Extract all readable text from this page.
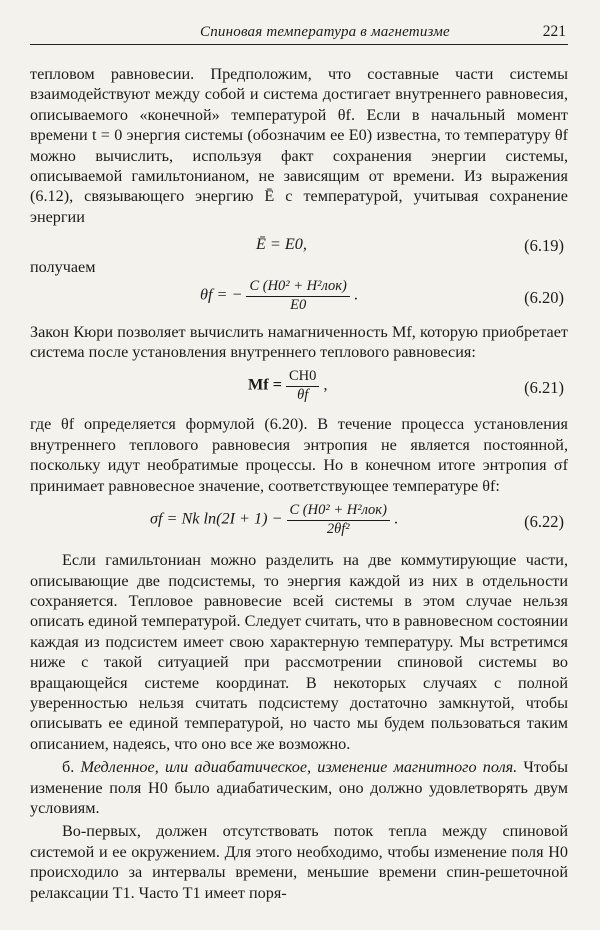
Спиновая температура в магнетизме	221

тепловом равновесии. Предположим, что составные части системы взаимодействуют между собой и система достигает внутреннего равновесия, описываемого «конечной» температурой θf. Если в начальный момент времени t = 0 энергия системы (обозначим ее E0) известна, то температуру θf можно вычислить, используя факт сохранения энергии системы, описываемой гамильтонианом, не зависящим от времени. Из выражения (6.12), связывающего энергию Ē с температурой, учитывая сохранение энергии

Ē = E0,	(6.19)

получаем

θf = − $\frac{\text{C (H0² + H²лок)}}{E0}$ .	(6.20)

Закон Кюри позволяет вычислить намагниченность Mf, которую приобретает система после установления внутреннего теплового равновесия:

$Mf = \frac{CH0}{\theta f}$ ,	(6.21)

где θf определяется формулой (6.20). В течение процесса установления внутреннего теплового равновесия энтропия не является постоянной, поскольку идут необратимые процессы. Но в конечном итоге энтропия σf принимает равновесное значение, соответствующее температуре θf:

σf = Nk $\ln(2I + 1) - \frac{\text{C (H0² + H²лок)}}{\text{2θf²}}$ .	(6.22)

Если гамильтониан можно разделить на две коммутирующие части, описывающие две подсистемы, то энергия каждой из них в отдельности сохраняется. Тепловое равновесие всей системы в этом случае нельзя описать единой температурой. Следует считать, что в равновесном состоянии каждая из подсистем имеет свою характерную температуру. Мы встретимся ниже с такой ситуацией при рассмотрении спиновой системы во вращающейся системе координат. В некоторых случаях с полной уверенностью нельзя считать подсистему достаточно замкнутой, чтобы описывать ее единой температурой, но часто мы будем пользоваться таким описанием, надеясь, что оно все же возможно.

б. Медленное, или адиабатическое, изменение магнитного поля. Чтобы изменение поля H0 было адиабатическим, оно должно удовлетворять двум условиям.

Во-первых, должен отсутствовать поток тепла между спиновой системой и ее окружением. Для этого необходимо, чтобы изменение поля H0 происходило за интервалы времени, меньшие времени спин-решеточной релаксации T1. Часто T1 имеет поря-
